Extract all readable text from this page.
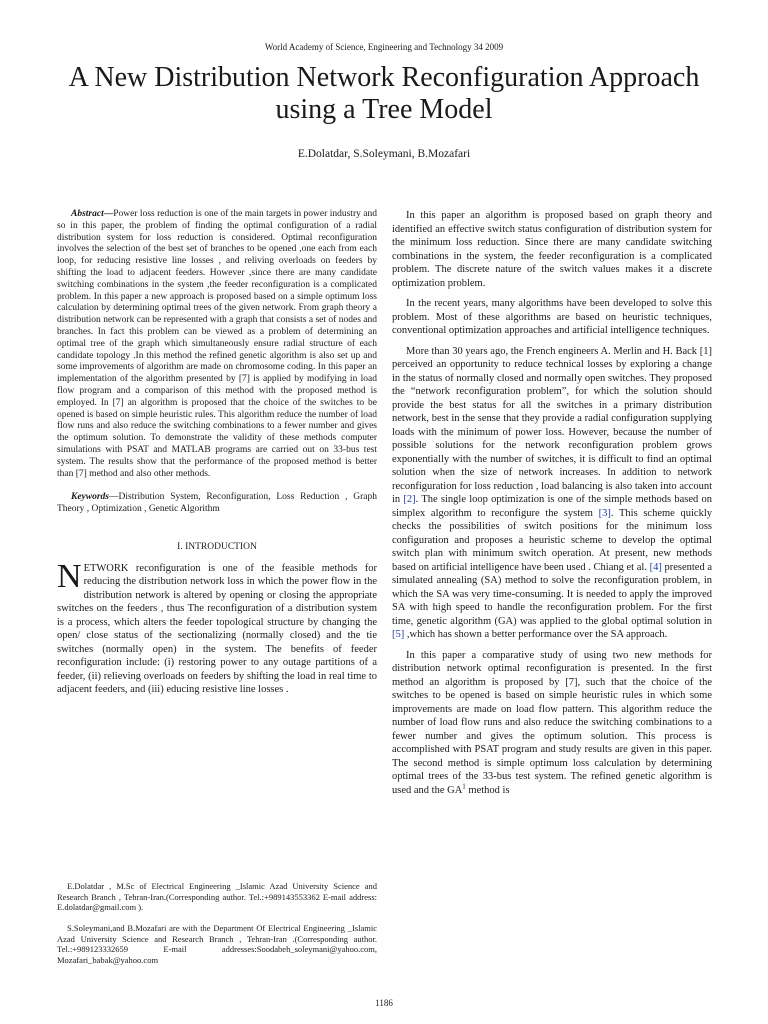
World Academy of Science, Engineering and Technology 34 2009
A New Distribution Network Reconfiguration Approach using a Tree Model
E.Dolatdar, S.Soleymani, B.Mozafari

Abstract—Power loss reduction is one of the main targets in power industry and so in this paper, the problem of finding the optimal configuration of a radial distribution system for loss reduction is considered. Optimal reconfiguration involves the selection of the best set of branches to be opened ,one each from each loop, for reducing resistive line losses , and reliving overloads on feeders by shifting the load to adjacent feeders. However ,since there are many candidate switching combinations in the system ,the feeder reconfiguration is a complicated problem. In this paper a new approach is proposed based on a simple optimum loss calculation by determining optimal trees of the given network. From graph theory a distribution network can be represented with a graph that consists a set of nodes and branches. In fact this problem can be viewed as a problem of determining an optimal tree of the graph which simultaneously ensure radial structure of each candidate topology .In this method the refined genetic algorithm is also set up and some improvements of algorithm are made on chromosome coding. In this paper an implementation of the algorithm presented by [7] is applied by modifying in load flow program and a comparison of this method with the proposed method is employed. In [7] an algorithm is proposed that the choice of the switches to be opened is based on simple heuristic rules. This algorithm reduce the number of load flow runs and also reduce the switching combinations to a fewer number and gives the optimum solution. To demonstrate the validity of these methods computer simulations with PSAT and MATLAB programs are carried out on 33-bus test system. The results show that the performance of the proposed method is better than [7] method and also other methods.

Keywords—Distribution System, Reconfiguration, Loss Reduction , Graph Theory , Optimization , Genetic Algorithm

I. INTRODUCTION

NETWORK reconfiguration is one of the feasible methods for reducing the distribution network loss in which the power flow in the distribution network is altered by opening or closing the appropriate switches on the feeders , thus The reconfiguration of a distribution system is a process, which alters the feeder topological structure by changing the open/ close status of the sectionalizing (normally closed) and the tie switches (normally open) in the system. The benefits of feeder reconfiguration include: (i) restoring power to any outage partitions of a feeder, (ii) relieving overloads on feeders by shifting the load in real time to adjacent feeders, and (iii) educing resistive line losses .

E.Dolatdar , M.Sc of Electrical Engineering _Islamic Azad University Science and Research Branch , Tehran-Iran.(Corresponding author. Tel.:+989143553362 E-mail address: E.dolatdar@gmail.com ).
S.Soleymani,and B.Mozafari are with the Department Of Electrical Engineering _Islamic Azad University Science and Research Branch , Tehran-Iran .(Corresponding author. Tel.:+989123332659 E-mail addresses:Soodabeh_soleymani@yahoo.com, Mozafari_babak@yahoo.com

In this paper an algorithm is proposed based on graph theory and identified an effective switch status configuration of distribution system for the minimum loss reduction. Since there are many candidate switching combinations in the system, the feeder reconfiguration is a complicated problem. The discrete nature of the switch values makes it a discrete optimization problem.

In the recent years, many algorithms have been developed to solve this problem. Most of these algorithms are based on heuristic techniques, conventional optimization approaches and artificial intelligence techniques.

More than 30 years ago, the French engineers A. Merlin and H. Back [1] perceived an opportunity to reduce technical losses by exploring a change in the status of normally closed and normally open switches. They proposed the “network reconfiguration problem”, for which the solution should provide the best status for all the switches in a primary distribution network, best in the sense that they provide a radial configuration supplying loads with the minimum of power loss. However, because the number of possible solutions for the network reconfiguration problem grows exponentially with the number of switches, it is difficult to find an optimal solution when the size of network increases. In addition to network reconfiguration for loss reduction , load balancing is also taken into account in [2]. The single loop optimization is one of the simple methods based on simplex algorithm to reconfigure the system [3]. This scheme quickly checks the possibilities of switch positions for the minimum loss configuration and proposes a heuristic scheme to develop the optimal switch plan with minimum switch operation. At present, new methods based on artificial intelligence have been used . Chiang et al. [4] presented a simulated annealing (SA) method to solve the reconfiguration problem, in which the SA was very time-consuming. It is needed to apply the improved SA with high speed to handle the reconfiguration problem. For the first time, genetic algorithm (GA) was applied to the global optimal solution in [5] ,which has shown a better performance over the SA approach.

In this paper a comparative study of using two new methods for distribution network optimal reconfiguration is presented. In the first method an algorithm is proposed by [7], such that the choice of the switches to be opened is based on simple heuristic rules in which some improvements are made on load flow pattern. This algorithm reduce the number of load flow runs and also reduce the switching combinations to a fewer number and gives the optimum solution. This process is accomplished with PSAT program and study results are given in this paper. The second method is simple optimum loss calculation by determining optimal trees of the 33-bus test system. The refined genetic algorithm is used and the $GA^1$ method is

1186
